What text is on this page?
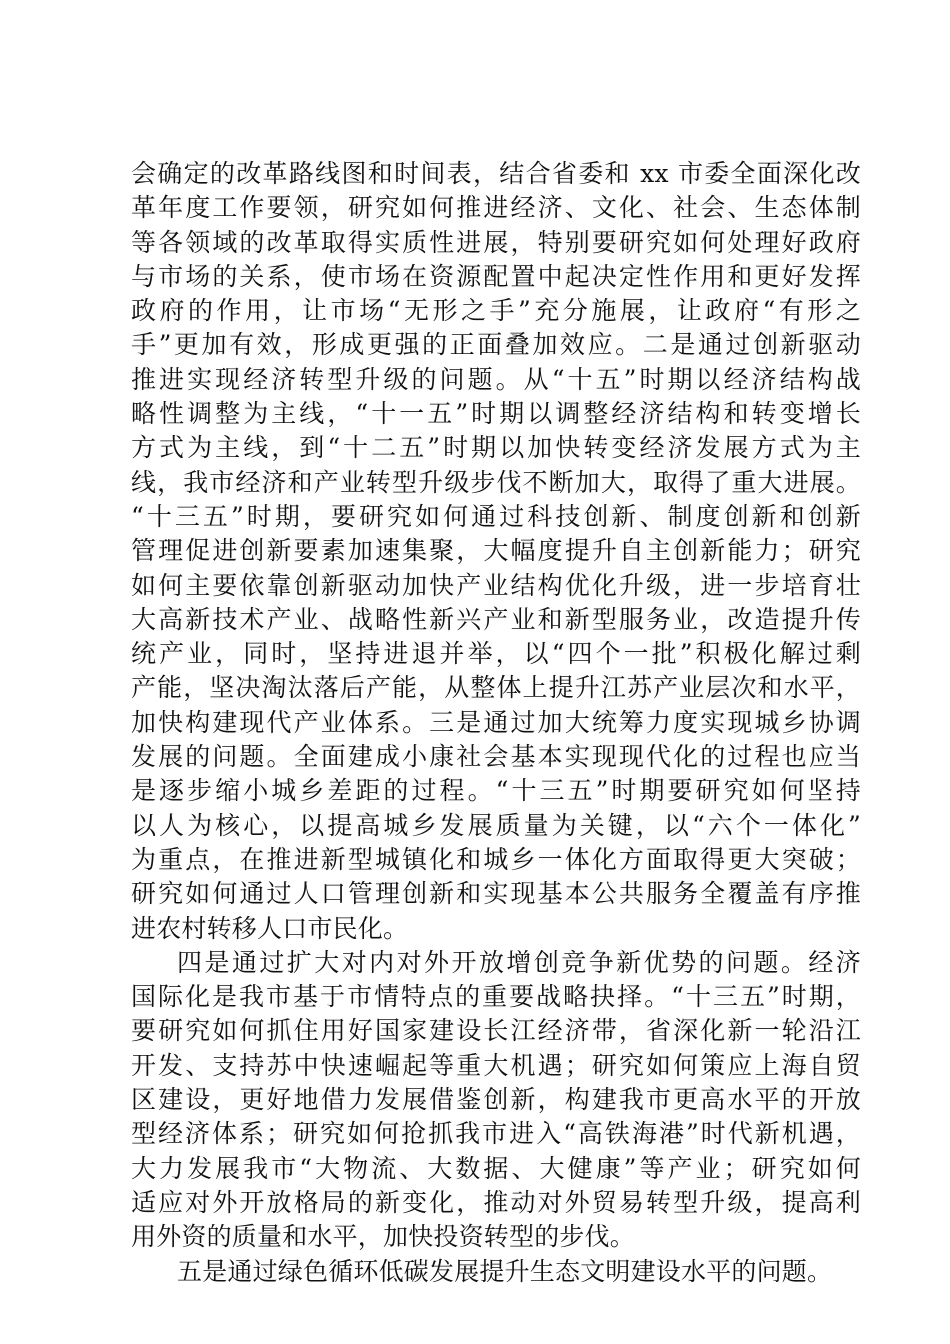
会确定的改革路线图和时间表，结合省委和 xx 市委全面深化改
革年度工作要领，研究如何推进经济、文化、社会、生态体制
等各领域的改革取得实质性进展，特别要研究如何处理好政府
与市场的关系，使市场在资源配置中起决定性作用和更好发挥
政府的作用，让市场“无形之手”充分施展，让政府“有形之
手”更加有效，形成更强的正面叠加效应。二是通过创新驱动
推进实现经济转型升级的问题。从“十五”时期以经济结构战
略性调整为主线，“十一五”时期以调整经济结构和转变增长
方式为主线，到“十二五”时期以加快转变经济发展方式为主
线，我市经济和产业转型升级步伐不断加大，取得了重大进展。
“十三五”时期，要研究如何通过科技创新、制度创新和创新
管理促进创新要素加速集聚，大幅度提升自主创新能力；研究
如何主要依靠创新驱动加快产业结构优化升级，进一步培育壮
大高新技术产业、战略性新兴产业和新型服务业，改造提升传
统产业，同时，坚持进退并举，以“四个一批”积极化解过剩
产能，坚决淘汰落后产能，从整体上提升江苏产业层次和水平，
加快构建现代产业体系。三是通过加大统筹力度实现城乡协调
发展的问题。全面建成小康社会基本实现现代化的过程也应当
是逐步缩小城乡差距的过程。“十三五”时期要研究如何坚持
以人为核心，以提高城乡发展质量为关键，以“六个一体化”
为重点，在推进新型城镇化和城乡一体化方面取得更大突破；
研究如何通过人口管理创新和实现基本公共服务全覆盖有序推
进农村转移人口市民化。
四是通过扩大对内对外开放增创竞争新优势的问题。经济
国际化是我市基于市情特点的重要战略抉择。“十三五”时期，
要研究如何抓住用好国家建设长江经济带，省深化新一轮沿江
开发、支持苏中快速崛起等重大机遇；研究如何策应上海自贸
区建设，更好地借力发展借鉴创新，构建我市更高水平的开放
型经济体系；研究如何抢抓我市进入“高铁海港”时代新机遇，
大力发展我市“大物流、大数据、大健康”等产业；研究如何
适应对外开放格局的新变化，推动对外贸易转型升级，提高利
用外资的质量和水平，加快投资转型的步伐。
五是通过绿色循环低碳发展提升生态文明建设水平的问题。
